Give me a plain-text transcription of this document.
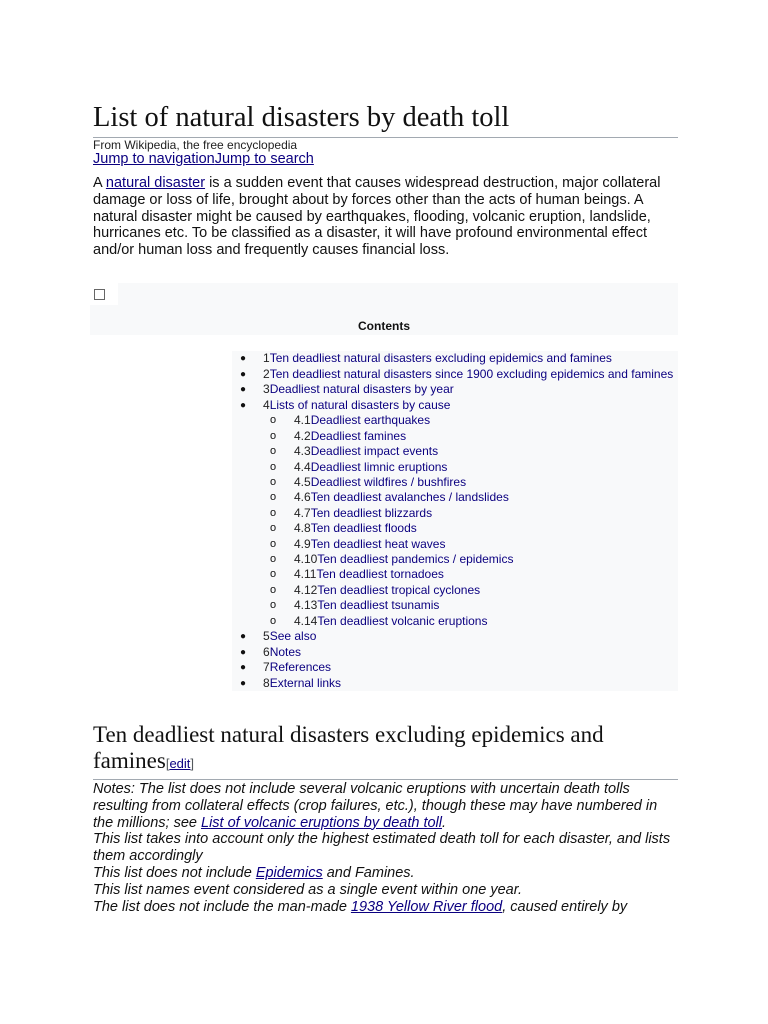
List of natural disasters by death toll
From Wikipedia, the free encyclopedia
Jump to navigationJump to search
A natural disaster is a sudden event that causes widespread destruction, major collateral damage or loss of life, brought about by forces other than the acts of human beings. A natural disaster might be caused by earthquakes, flooding, volcanic eruption, landslide, hurricanes etc. To be classified as a disaster, it will have profound environmental effect and/or human loss and frequently causes financial loss.
Contents
● 1Ten deadliest natural disasters excluding epidemics and famines
● 2Ten deadliest natural disasters since 1900 excluding epidemics and famines
● 3Deadliest natural disasters by year
● 4Lists of natural disasters by cause
o 4.1Deadliest earthquakes
o 4.2Deadliest famines
o 4.3Deadliest impact events
o 4.4Deadliest limnic eruptions
o 4.5Deadliest wildfires / bushfires
o 4.6Ten deadliest avalanches / landslides
o 4.7Ten deadliest blizzards
o 4.8Ten deadliest floods
o 4.9Ten deadliest heat waves
o 4.10Ten deadliest pandemics / epidemics
o 4.11Ten deadliest tornadoes
o 4.12Ten deadliest tropical cyclones
o 4.13Ten deadliest tsunamis
o 4.14Ten deadliest volcanic eruptions
● 5See also
● 6Notes
● 7References
● 8External links
Ten deadliest natural disasters excluding epidemics and famines[edit]
Notes: The list does not include several volcanic eruptions with uncertain death tolls resulting from collateral effects (crop failures, etc.), though these may have numbered in the millions; see List of volcanic eruptions by death toll.
This list takes into account only the highest estimated death toll for each disaster, and lists them accordingly
This list does not include Epidemics and Famines.
This list names event considered as a single event within one year.
The list does not include the man-made 1938 Yellow River flood, caused entirely by
